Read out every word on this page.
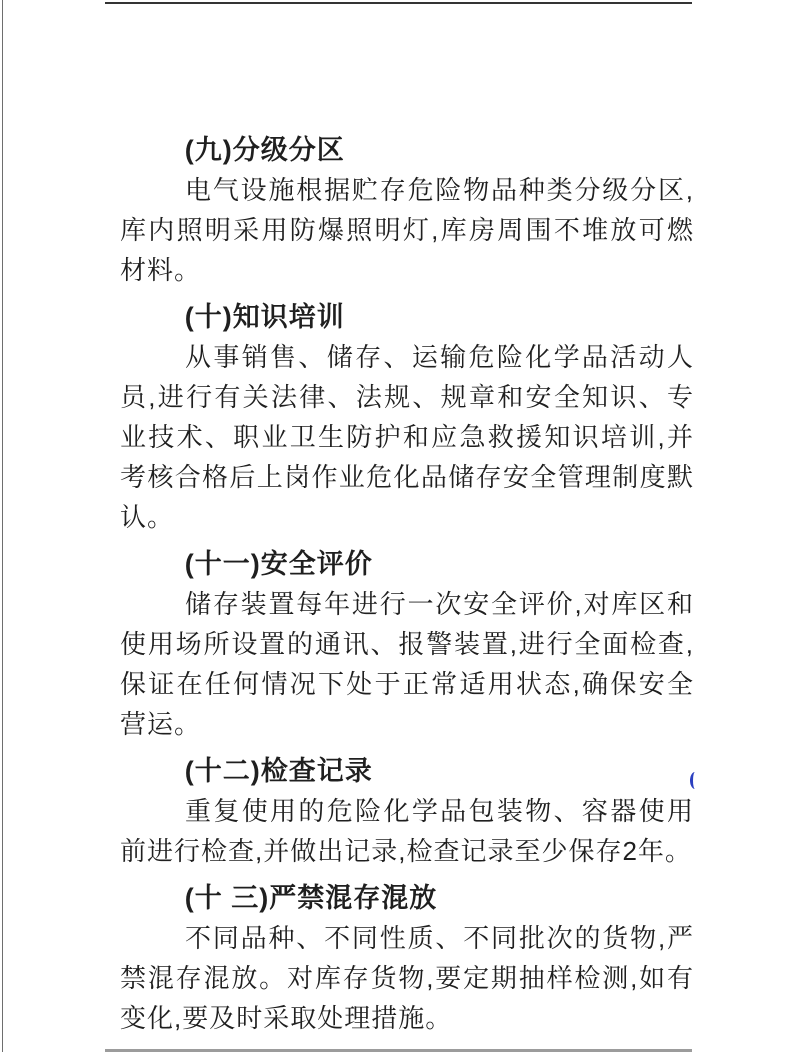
(九)分级分区

电气设施根据贮存危险物品种类分级分区,库内照明采用防爆照明灯,库房周围不堆放可燃材料。

(十)知识培训

从事销售、储存、运输危险化学品活动人员,进行有关法律、法规、规章和安全知识、专业技术、职业卫生防护和应急救援知识培训,并考核合格后上岗作业危化品储存安全管理制度默认。

(十一)安全评价

储存装置每年进行一次安全评价,对库区和使用场所设置的通讯、报警装置,进行全面检查,保证在任何情况下处于正常适用状态,确保安全营运。

(十二)检查记录

重复使用的危险化学品包装物、容器使用前进行检查,并做出记录,检查记录至少保存2年。

(十 三)严禁混存混放

不同品种、不同性质、不同批次的货物,严禁混存混放。对库存货物,要定期抽样检测,如有变化,要及时采取处理措施。
